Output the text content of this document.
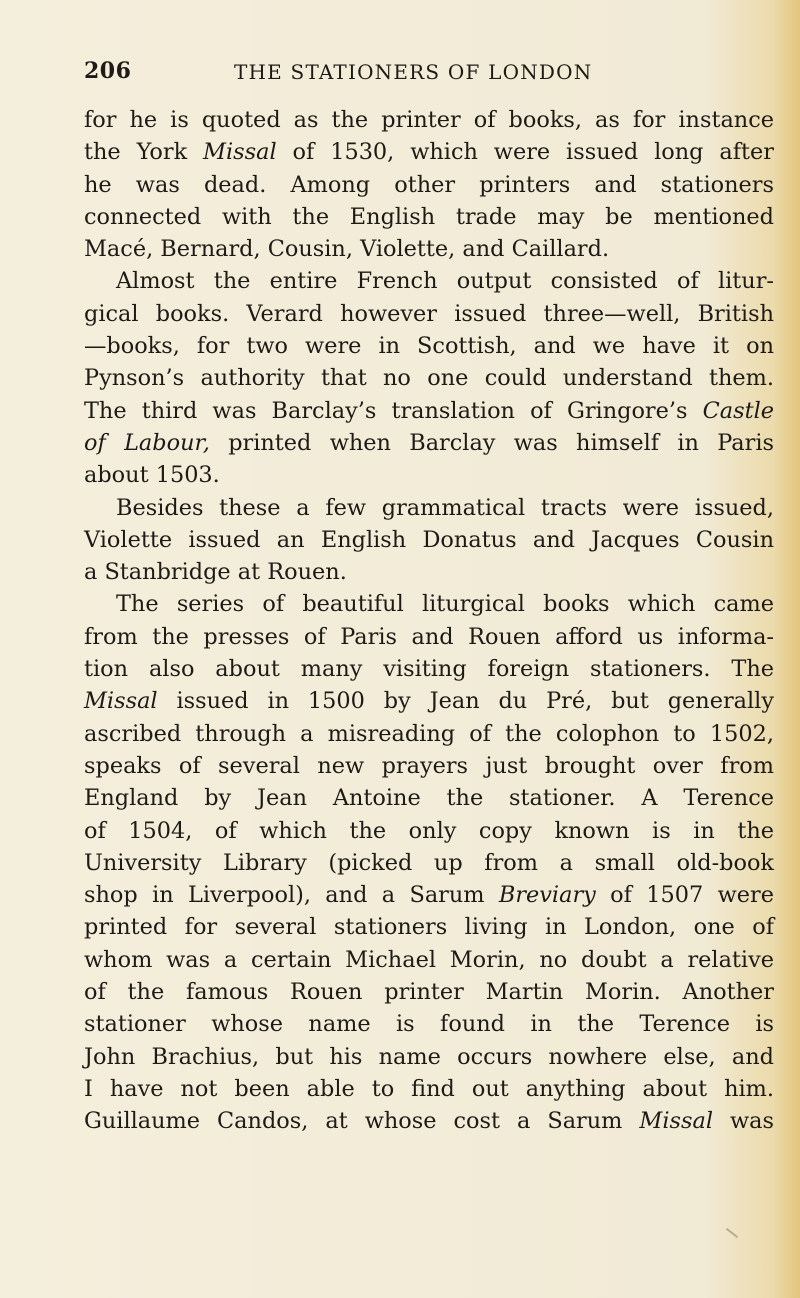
206	THE STATIONERS OF LONDON
for he is quoted as the printer of books, as for instance
the York Missal of 1530, which were issued long after
he was dead. Among other printers and stationers
connected with the English trade may be mentioned
Macé, Bernard, Cousin, Violette, and Caillard.
Almost the entire French output consisted of litur-
gical books. Verard however issued three—well, British
—books, for two were in Scottish, and we have it on
Pynson’s authority that no one could understand them.
The third was Barclay’s translation of Gringore’s Castle
of Labour, printed when Barclay was himself in Paris
about 1503.
Besides these a few grammatical tracts were issued,
Violette issued an English Donatus and Jacques Cousin
a Stanbridge at Rouen.
The series of beautiful liturgical books which came
from the presses of Paris and Rouen afford us informa-
tion also about many visiting foreign stationers. The
Missal issued in 1500 by Jean du Pré, but generally
ascribed through a misreading of the colophon to 1502,
speaks of several new prayers just brought over from
England by Jean Antoine the stationer. A Terence
of 1504, of which the only copy known is in the
University Library (picked up from a small old-book
shop in Liverpool), and a Sarum Breviary of 1507 were
printed for several stationers living in London, one of
whom was a certain Michael Morin, no doubt a relative
of the famous Rouen printer Martin Morin. Another
stationer whose name is found in the Terence is
John Brachius, but his name occurs nowhere else, and
I have not been able to find out anything about him.
Guillaume Candos, at whose cost a Sarum Missal was
